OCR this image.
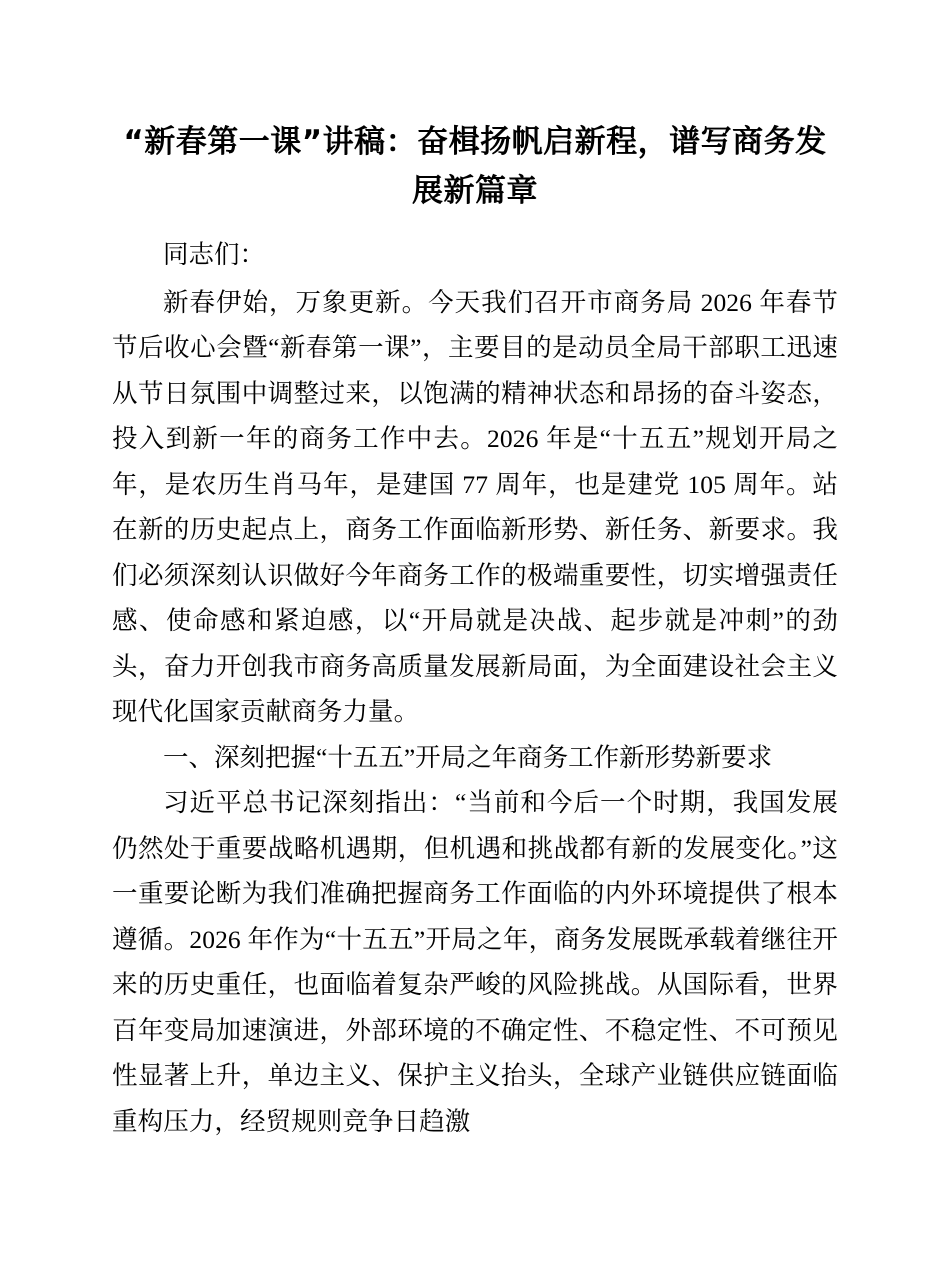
“新春第一课”讲稿：奋楫扬帆启新程，谱写商务发展新篇章

同志们：

新春伊始，万象更新。今天我们召开市商务局 2026 年春节节后收心会暨“新春第一课”，主要目的是动员全局干部职工迅速从节日氛围中调整过来，以饱满的精神状态和昂扬的奋斗姿态，投入到新一年的商务工作中去。2026 年是“十五五”规划开局之年，是农历生肖马年，是建国 77 周年，也是建党 105 周年。站在新的历史起点上，商务工作面临新形势、新任务、新要求。我们必须深刻认识做好今年商务工作的极端重要性，切实增强责任感、使命感和紧迫感，以“开局就是决战、起步就是冲刺”的劲头，奋力开创我市商务高质量发展新局面，为全面建设社会主义现代化国家贡献商务力量。

一、深刻把握“十五五”开局之年商务工作新形势新要求

习近平总书记深刻指出：“当前和今后一个时期，我国发展仍然处于重要战略机遇期，但机遇和挑战都有新的发展变化。”这一重要论断为我们准确把握商务工作面临的内外环境提供了根本遵循。2026 年作为“十五五”开局之年，商务发展既承载着继往开来的历史重任，也面临着复杂严峻的风险挑战。从国际看，世界百年变局加速演进，外部环境的不确定性、不稳定性、不可预见性显著上升，单边主义、保护主义抬头，全球产业链供应链面临重构压力，经贸规则竞争日趋激
